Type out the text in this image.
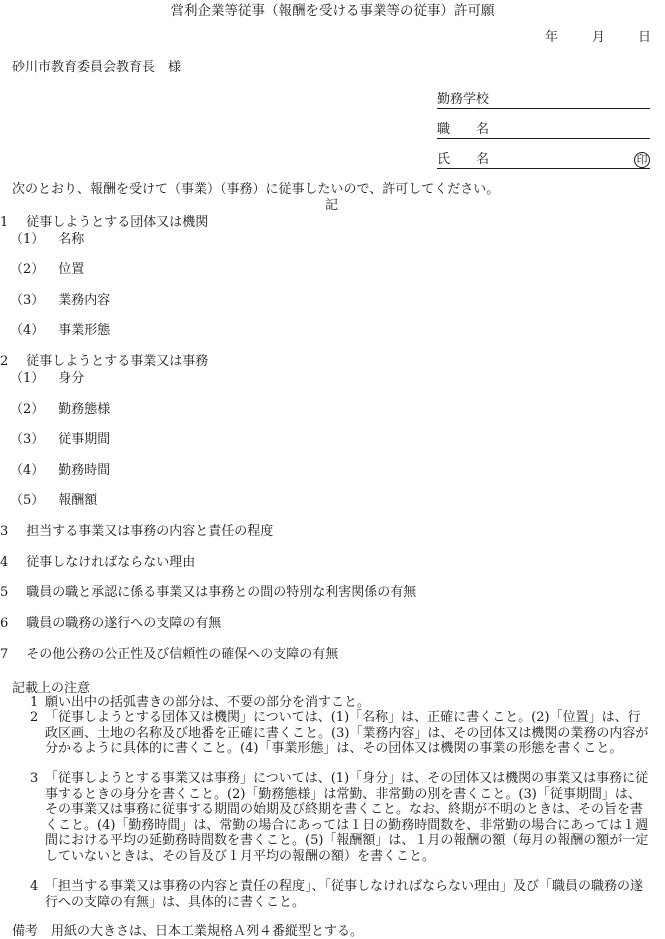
営利企業等従事（報酬を受ける事業等の従事）許可願
年	月	日
砂川市教育委員会教育長　様
勤務学校
職　　名
氏　　名	印
次のとおり、報酬を受けて（事業）（事務）に従事したいので、許可してください。
記
1 従事しようとする団体又は機関
（1） 名称
（2） 位置
（3） 業務内容
（4） 事業形態
2 従事しようとする事業又は事務
（1） 身分
（2） 勤務態様
（3） 従事期間
（4） 勤務時間
（5） 報酬額
3 担当する事業又は事務の内容と責任の程度
4 従事しなければならない理由
5 職員の職と承認に係る事業又は事務との間の特別な利害関係の有無
6 職員の職務の遂行への支障の有無
7 その他公務の公正性及び信頼性の確保への支障の有無
記載上の注意
1 願い出中の括弧書きの部分は、不要の部分を消すこと。
2 「従事しようとする団体又は機関」については、(1)「名称」は、正確に書くこと。(2)「位置」は、行政区画、土地の名称及び地番を正確に書くこと。(3)「業務内容」は、その団体又は機関の業務の内容が分かるように具体的に書くこと。(4)「事業形態」は、その団体又は機関の事業の形態を書くこと。
3 「従事しようとする事業又は事務」については、(1)「身分」は、その団体又は機関の事業又は事務に従事するときの身分を書くこと。(2)「勤務態様」は常勤、非常勤の別を書くこと。(3)「従事期間」は、その事業又は事務に従事する期間の始期及び終期を書くこと。なお、終期が不明のときは、その旨を書くこと。(4)「勤務時間」は、常勤の場合にあっては１日の勤務時間数を、非常勤の場合にあっては１週間における平均の延勤務時間数を書くこと。(5)「報酬額」は、１月の報酬の額（毎月の報酬の額が一定していないときは、その旨及び１月平均の報酬の額）を書くこと。
4 「担当する事業又は事務の内容と責任の程度」、「従事しなければならない理由」及び「職員の職務の遂行への支障の有無」は、具体的に書くこと。
備考　用紙の大きさは、日本工業規格Ａ列４番縦型とする。
